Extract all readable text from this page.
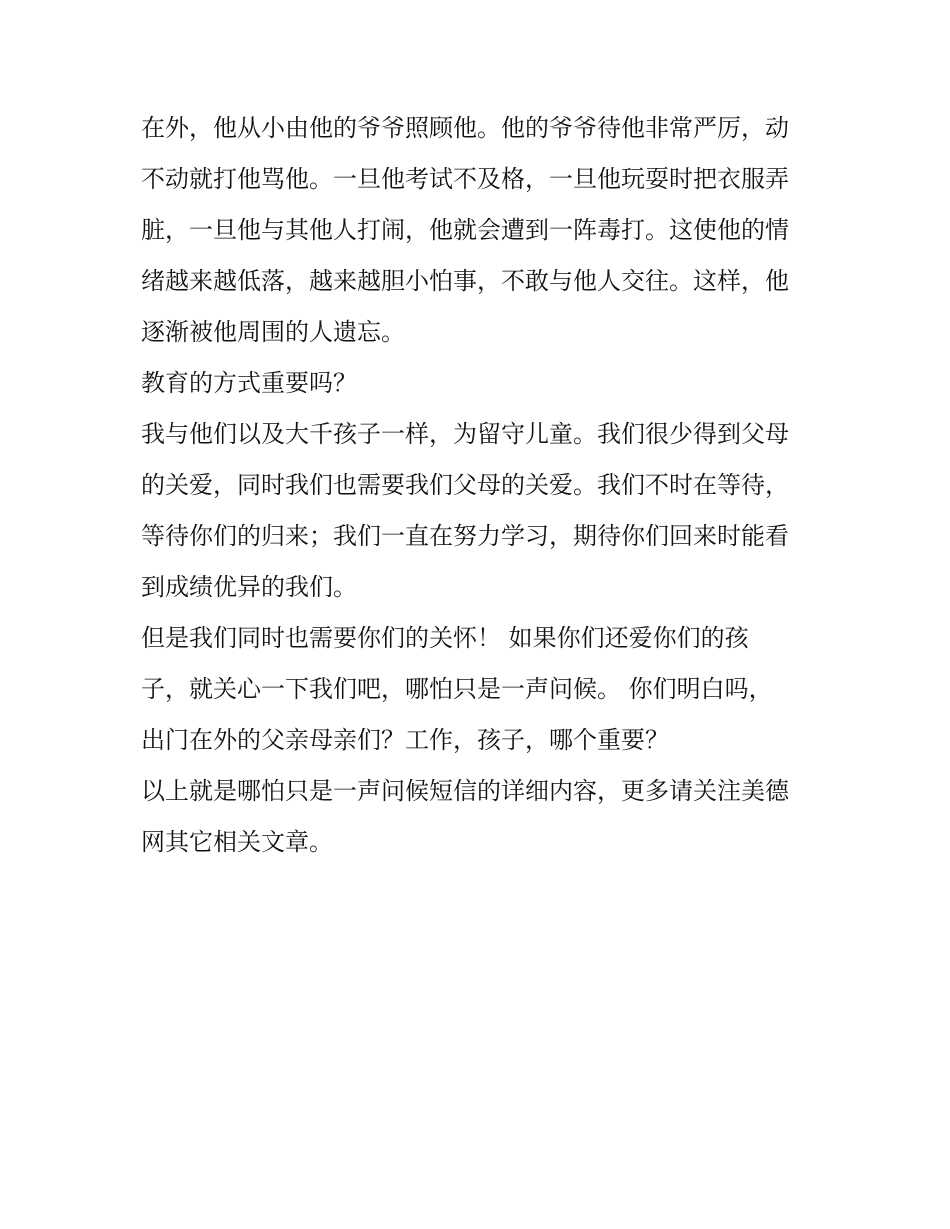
在外，他从小由他的爷爷照顾他。他的爷爷待他非常严厉，动
不动就打他骂他。一旦他考试不及格，一旦他玩耍时把衣服弄
脏，一旦他与其他人打闹，他就会遭到一阵毒打。这使他的情
绪越来越低落，越来越胆小怕事，不敢与他人交往。这样，他
逐渐被他周围的人遗忘。
教育的方式重要吗？
我与他们以及大千孩子一样，为留守儿童。我们很少得到父母
的关爱，同时我们也需要我们父母的关爱。我们不时在等待，
等待你们的归来；我们一直在努力学习，期待你们回来时能看
到成绩优异的我们。
但是我们同时也需要你们的关怀！ 如果你们还爱你们的孩
子，就关心一下我们吧，哪怕只是一声问候。 你们明白吗，
出门在外的父亲母亲们？工作，孩子，哪个重要？
以上就是哪怕只是一声问候短信的详细内容，更多请关注美德
网其它相关文章。
